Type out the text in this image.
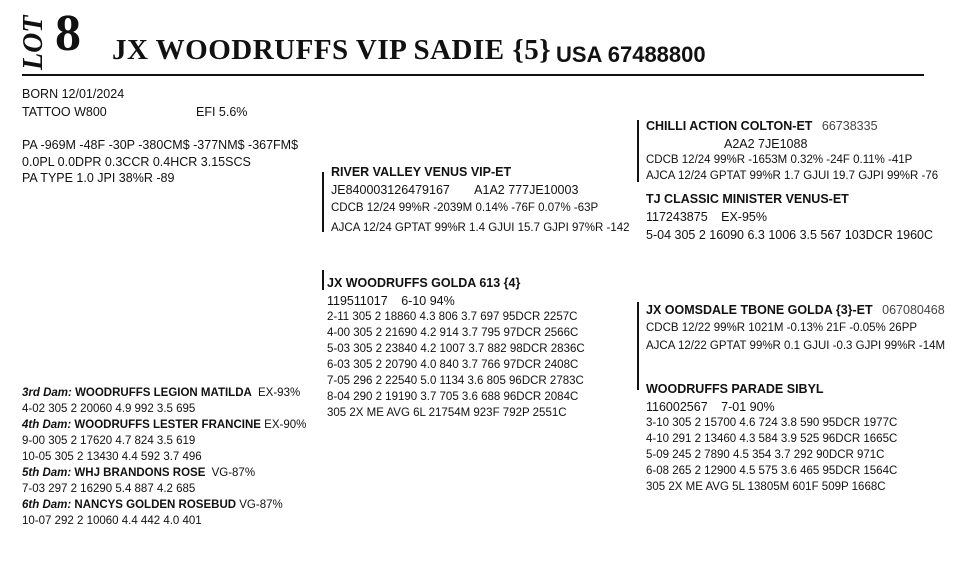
LOT 8 JX WOODRUFFS VIP SADIE {5} USA 67488800
BORN 12/01/2024
TATTOO W800	EFI 5.6%
PA -969M -48F -30P -380CM$ -377NM$ -367FM$
0.0PL 0.0DPR 0.3CCR 0.4HCR 3.15SCS
PA TYPE 1.0 JPI 38%R -89	RIVER VALLEY VENUS VIP-ET
JE840003126479167 A1A2 777JE10003
CDCB 12/24 99%R -2039M 0.14% -76F 0.07% -63P
AJCA 12/24 GPTAT 99%R 1.4 GJUI 15.7 GJPI 97%R -142
CHILLI ACTION COLTON-ET 66738335
A2A2 7JE1088
CDCB 12/24 99%R -1653M 0.32% -24F 0.11% -41P
AJCA 12/24 GPTAT 99%R 1.7 GJUI 19.7 GJPI 99%R -76
TJ CLASSIC MINISTER VENUS-ET
117243875 EX-95%
5-04 305 2 16090 6.3 1006 3.5 567 103DCR 1960C
JX WOODRUFFS GOLDA 613 {4}
119511017 6-10 94%
2-11 305 2 18860 4.3 806 3.7 697 95DCR 2257C
4-00 305 2 21690 4.2 914 3.7 795 97DCR 2566C
5-03 305 2 23840 4.2 1007 3.7 882 98DCR 2836C
6-03 305 2 20790 4.0 840 3.7 766 97DCR 2408C
7-05 296 2 22540 5.0 1134 3.6 805 96DCR 2783C
8-04 290 2 19190 3.7 705 3.6 688 96DCR 2084C
305 2X ME AVG 6L 21754M 923F 792P 2551C
JX OOMSDALE TBONE GOLDA {3}-ET 067080468
CDCB 12/22 99%R 1021M -0.13% 21F -0.05% 26PP
AJCA 12/22 GPTAT 99%R 0.1 GJUI -0.3 GJPI 99%R -14M
WOODRUFFS PARADE SIBYL
116002567 7-01 90%
3-10 305 2 15700 4.6 724 3.8 590 95DCR 1977C
4-10 291 2 13460 4.3 584 3.9 525 96DCR 1665C
5-09 245 2 7890 4.5 354 3.7 292 90DCR 971C
6-08 265 2 12900 4.5 575 3.6 465 95DCR 1564C
305 2X ME AVG 5L 13805M 601F 509P 1668C
3rd Dam: WOODRUFFS LEGION MATILDA EX-93%
4-02 305 2 20060 4.9 992 3.5 695
4th Dam: WOODRUFFS LESTER FRANCINE EX-90%
9-00 305 2 17620 4.7 824 3.5 619
10-05 305 2 13430 4.4 592 3.7 496
5th Dam: WHJ BRANDONS ROSE VG-87%
7-03 297 2 16290 5.4 887 4.2 685
6th Dam: NANCYS GOLDEN ROSEBUD VG-87%
10-07 292 2 10060 4.4 442 4.0 401
